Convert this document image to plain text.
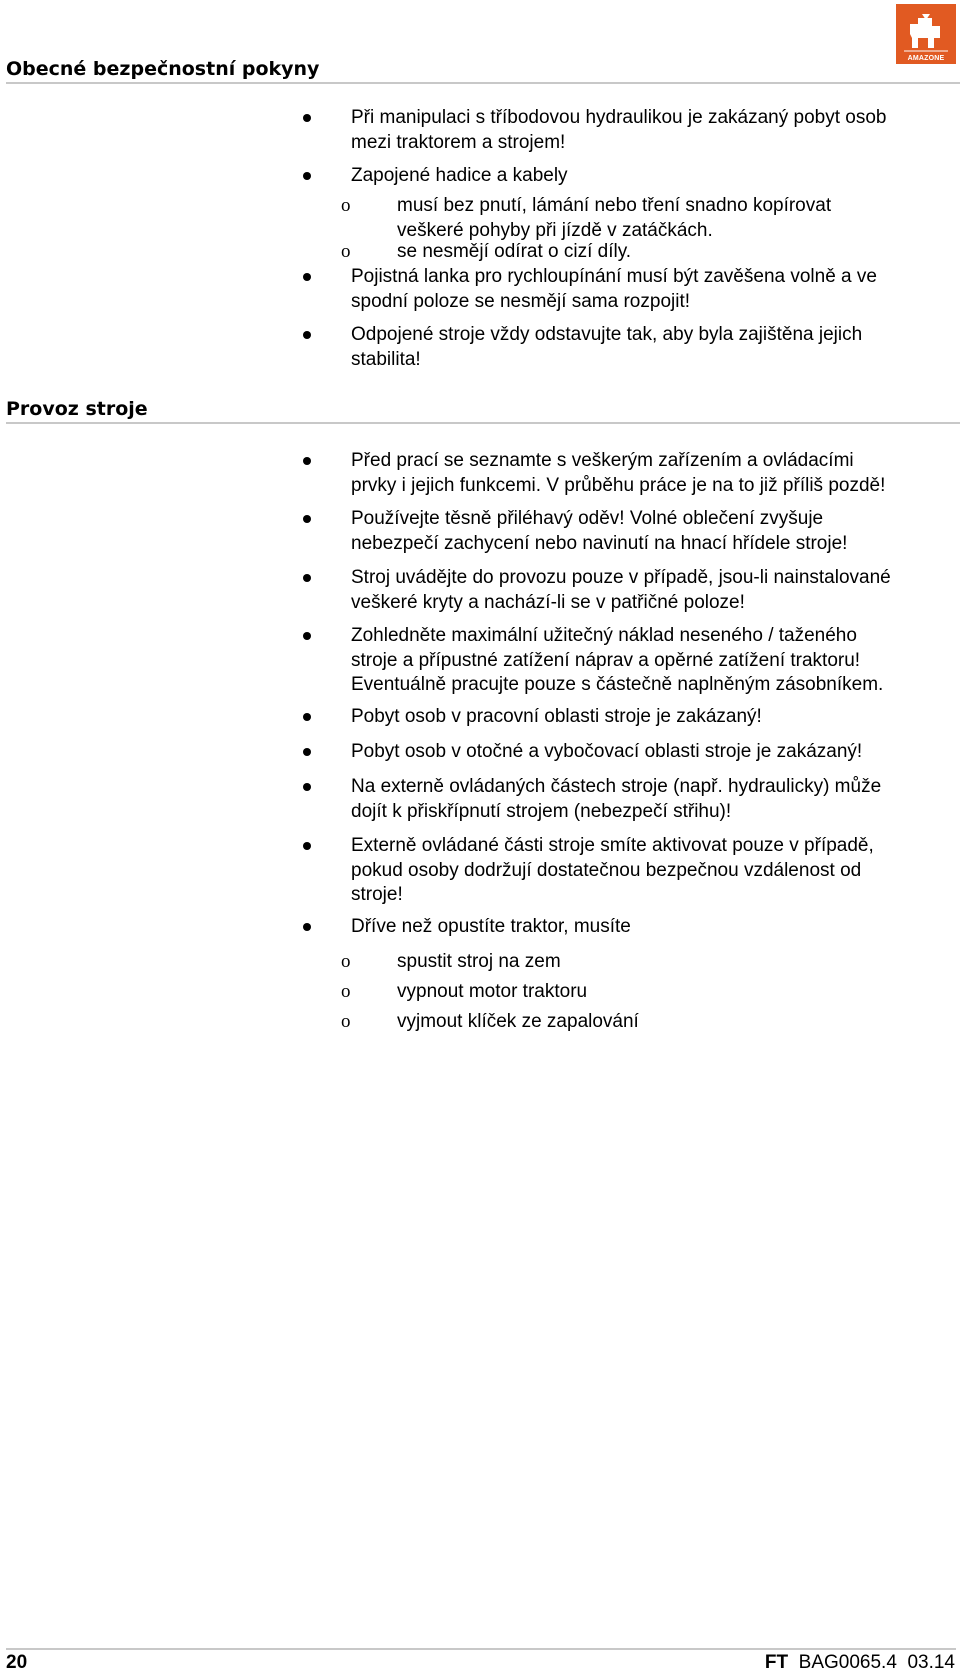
AMAZONE
Obecné bezpečnostní pokyny
Při manipulaci s tříbodovou hydraulikou je zakázaný pobyt osob
mezi traktorem a strojem!
Zapojené hadice a kabely
o musí bez pnutí, lámání nebo tření snadno kopírovat
veškeré pohyby při jízdě v zatáčkách.
o se nesmějí odírat o cizí díly.
Pojistná lanka pro rychloupínání musí být zavěšena volně a ve
spodní poloze se nesmějí sama rozpojit!
Odpojené stroje vždy odstavujte tak, aby byla zajištěna jejich
stabilita!
Provoz stroje
Před prací se seznamte s veškerým zařízením a ovládacími
prvky i jejich funkcemi. V průběhu práce je na to již příliš pozdě!
Používejte těsně přiléhavý oděv! Volné oblečení zvyšuje
nebezpečí zachycení nebo navinutí na hnací hřídele stroje!
Stroj uvádějte do provozu pouze v případě, jsou-li nainstalované
veškeré kryty a nachází-li se v patřičné poloze!
Zohledněte maximální užitečný náklad neseného / taženého
stroje a přípustné zatížení náprav a opěrné zatížení traktoru!
Eventuálně pracujte pouze s částečně naplněným zásobníkem.
Pobyt osob v pracovní oblasti stroje je zakázaný!
Pobyt osob v otočné a vybočovací oblasti stroje je zakázaný!
Na externě ovládaných částech stroje (např. hydraulicky) může
dojít k přiskřípnutí strojem (nebezpečí střihu)!
Externě ovládané části stroje smíte aktivovat pouze v případě,
pokud osoby dodržují dostatečnou bezpečnou vzdálenost od
stroje!
Dříve než opustíte traktor, musíte
o spustit stroj na zem
o vypnout motor traktoru
o vyjmout klíček ze zapalování
20	FT BAG0065.4  03.14
